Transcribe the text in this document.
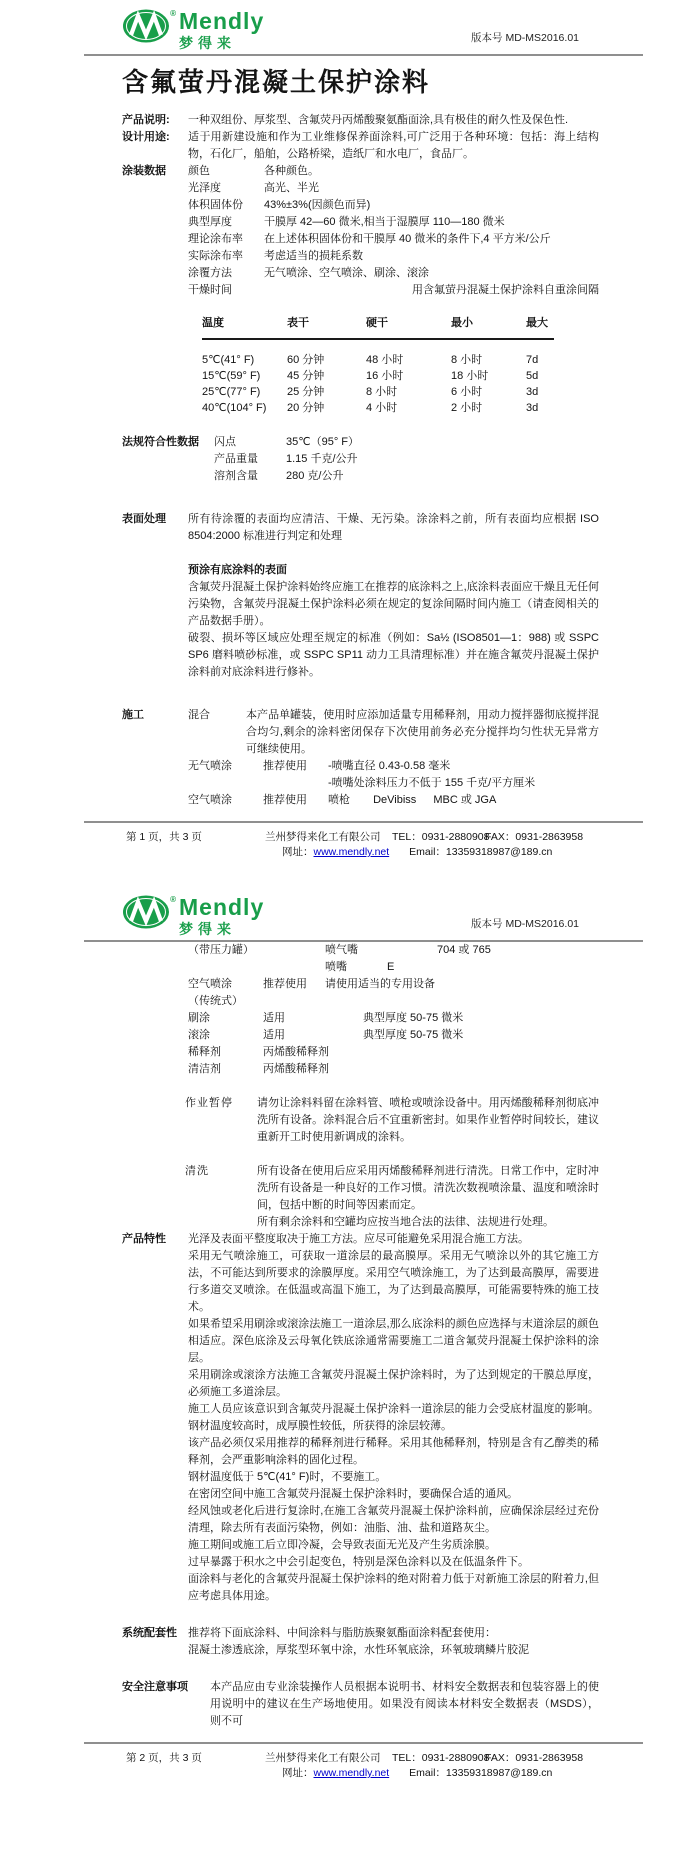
® Mendly
梦得来	版本号 MD-MS2016.01
含氟萤丹混凝土保护涂料
产品说明:	一种双组份、厚浆型、含氟荧丹丙烯酸聚氨酯面涂,具有极佳的耐久性及保色性.
设计用途:	适于用新建设施和作为工业维修保养面涂料,可广泛用于各种环境：包括：海上结构物，石化厂，船舶，公路桥梁，造纸厂和水电厂，食品厂。
涂装数据	颜色	各种颜色。
光泽度	高光、半光
体积固体份	43%±3%(因颜色而异)
典型厚度	干膜厚 42—60 微米,相当于湿膜厚 110—180 微米
理论涂布率	在上述体积固体份和干膜厚 40 微米的条件下,4 平方米/公斤
实际涂布率	考虑适当的损耗系数
涂覆方法	无气喷涂、空气喷涂、刷涂、滚涂
干燥时间	用含氟萤丹混凝土保护涂料自重涂间隔
温度	表干	硬干	最小	最大
5℃(41° F)	60 分钟	48 小时	8 小时	7d
15℃(59° F)	45 分钟	16 小时	18 小时	5d
25℃(77° F)	25 分钟	8 小时	6 小时	3d
40℃(104° F)	20 分钟	4 小时	2 小时	3d
法规符合性数据	闪点	35℃（95° F）
产品重量	1.15 千克/公升
溶剂含量	280 克/公升
表面处理	所有待涂覆的表面均应清洁、干燥、无污染。涂涂料之前，所有表面均应根据 ISO 8504:2000 标准进行判定和处理
预涂有底涂料的表面
含氟荧丹混凝土保护涂料始终应施工在推荐的底涂料之上,底涂料表面应干燥且无任何污染物，含氟荧丹混凝土保护涂料必须在规定的复涂间隔时间内施工（请查阅相关的产品数据手册）。
破裂、损坏等区域应处理至规定的标准（例如：Sa½ (ISO8501—1：988) 或 SSPC SP6 磨料喷砂标准，或 SSPC SP11 动力工具清理标准）并在施含氟荧丹混凝土保护涂料前对底涂料进行修补。
施工	混合	本产品单罐装，使用时应添加适量专用稀释剂，用动力搅拌器彻底搅拌混合均匀,剩余的涂料密闭保存下次使用前务必充分搅拌均匀性状无异常方可继续使用。
无气喷涂	推荐使用	-喷嘴直径 0.43-0.58 毫米
-喷嘴处涂料压力不低于 155 千克/平方厘米
空气喷涂	推荐使用	喷枪 DeVibiss MBC 或 JGA
第 1 页，共 3 页	兰州梦得来化工有限公司	TEL：0931-2880908
FAX：0931-2863958
网址：www.mendly.net Email：13359318987@189.cn
® Mendly
梦得来	版本号 MD-MS2016.01
（带压力罐）	喷气嘴	704 或 765
喷嘴	E
空气喷涂	推荐使用	请使用适当的专用设备
（传统式）
刷涂	适用	典型厚度 50-75 微米
滚涂	适用	典型厚度 50-75 微米
稀释剂	丙烯酸稀释剂
清洁剂	丙烯酸稀释剂
作业暂停	请勿让涂料料留在涂料管、喷枪或喷涂设备中。用丙烯酸稀释剂彻底冲洗所有设备。涂料混合后不宜重新密封。如果作业暂停时间较长，建议重新开工时使用新调成的涂料。
清洗	所有设备在使用后应采用丙烯酸稀释剂进行清洗。日常工作中，定时冲洗所有设备是一种良好的工作习惯。清洗次数视喷涂量、温度和喷涂时间，包括中断的时间等因素而定。
所有剩余涂料和空罐均应按当地合法的法律、法规进行处理。
产品特性	光泽及表面平整度取决于施工方法。应尽可能避免采用混合施工方法。

采用无气喷涂施工，可获取一道涂层的最高膜厚。采用无气喷涂以外的其它施工方法，不可能达到所要求的涂膜厚度。采用空气喷涂施工，为了达到最高膜厚，需要进行多道交叉喷涂。在低温或高温下施工，为了达到最高膜厚，可能需要特殊的施工技术。

如果希望采用刷涂或滚涂法施工一道涂层,那么底涂料的颜色应选择与末道涂层的颜色相适应。深色底涂及云母氧化铁底涂通常需要施工二道含氟荧丹混凝土保护涂料的涂层。

采用刷涂或滚涂方法施工含氟荧丹混凝土保护涂料时，为了达到规定的干膜总厚度，必须施工多道涂层。

施工人员应该意识到含氟荧丹混凝土保护涂料一道涂层的能力会受底材温度的影响。钢材温度较高时，成厚膜性较低，所获得的涂层较薄。

该产品必须仅采用推荐的稀释剂进行稀释。采用其他稀释剂，特别是含有乙醇类的稀释剂，会严重影响涂料的固化过程。

钢材温度低于 5℃(41° F)时，不要施工。

在密闭空间中施工含氟荧丹混凝土保护涂料时，要确保合适的通风。

经风蚀或老化后进行复涂时,在施工含氟荧丹混凝土保护涂料前，应确保涂层经过充份清理，除去所有表面污染物，例如：油脂、油、盐和道路灰尘。

施工期间或施工后立即冷凝，会导致表面无光及产生劣质涂膜。

过早暴露于积水之中会引起变色，特别是深色涂料以及在低温条件下。

面涂料与老化的含氟荧丹混凝土保护涂料的绝对附着力低于对新施工涂层的附着力,但应考虑具体用途。

系统配套性	推荐将下面底涂料、中间涂料与脂肪族聚氨酯面涂料配套使用：
混凝土渗透底涂，厚浆型环氧中涂，水性环氧底涂，环氧玻璃鳞片胶泥
安全注意事项	本产品应由专业涂装操作人员根据本说明书、材料安全数据表和包装容器上的使用说明中的建议在生产场地使用。如果没有阅读本材料安全数据表（MSDS），则不可
第 2 页，共 3 页	兰州梦得来化工有限公司	TEL：0931-2880908
FAX：0931-2863958
网址：www.mendly.net Email：13359318987@189.cn
